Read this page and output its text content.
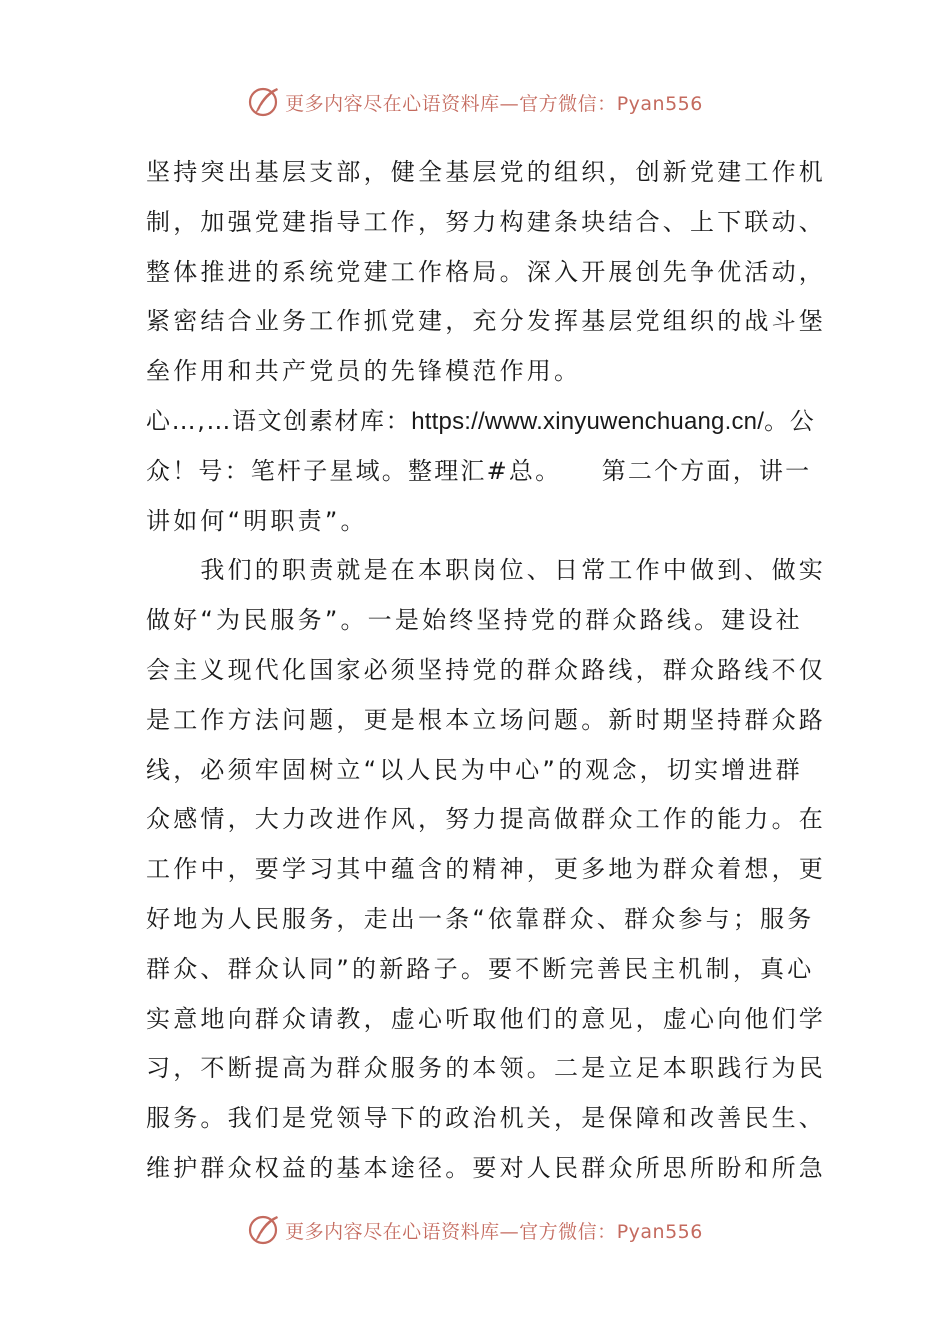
更多内容尽在心语资料库—官方微信：Pyan556
坚持突出基层支部，健全基层党的组织，创新党建工作机
制，加强党建指导工作，努力构建条块结合、上下联动、
整体推进的系统党建工作格局。深入开展创先争优活动，
紧密结合业务工作抓党建，充分发挥基层党组织的战斗堡
垒作用和共产党员的先锋模范作用。
心…,…语文创素材库：https://www.xinyuwenchuang.cn/。公
众！号：笔杆子星域。整理汇#总。　　第二个方面，讲一
讲如何“明职责”。
　　我们的职责就是在本职岗位、日常工作中做到、做实
做好“为民服务”。一是始终坚持党的群众路线。建设社
会主义现代化国家必须坚持党的群众路线，群众路线不仅
是工作方法问题，更是根本立场问题。新时期坚持群众路
线，必须牢固树立“以人民为中心”的观念，切实增进群
众感情，大力改进作风，努力提高做群众工作的能力。在
工作中，要学习其中蕴含的精神，更多地为群众着想，更
好地为人民服务，走出一条“依靠群众、群众参与；服务
群众、群众认同”的新路子。要不断完善民主机制，真心
实意地向群众请教，虚心听取他们的意见，虚心向他们学
习，不断提高为群众服务的本领。二是立足本职践行为民
服务。我们是党领导下的政治机关，是保障和改善民生、
维护群众权益的基本途径。要对人民群众所思所盼和所急
更多内容尽在心语资料库—官方微信：Pyan556
